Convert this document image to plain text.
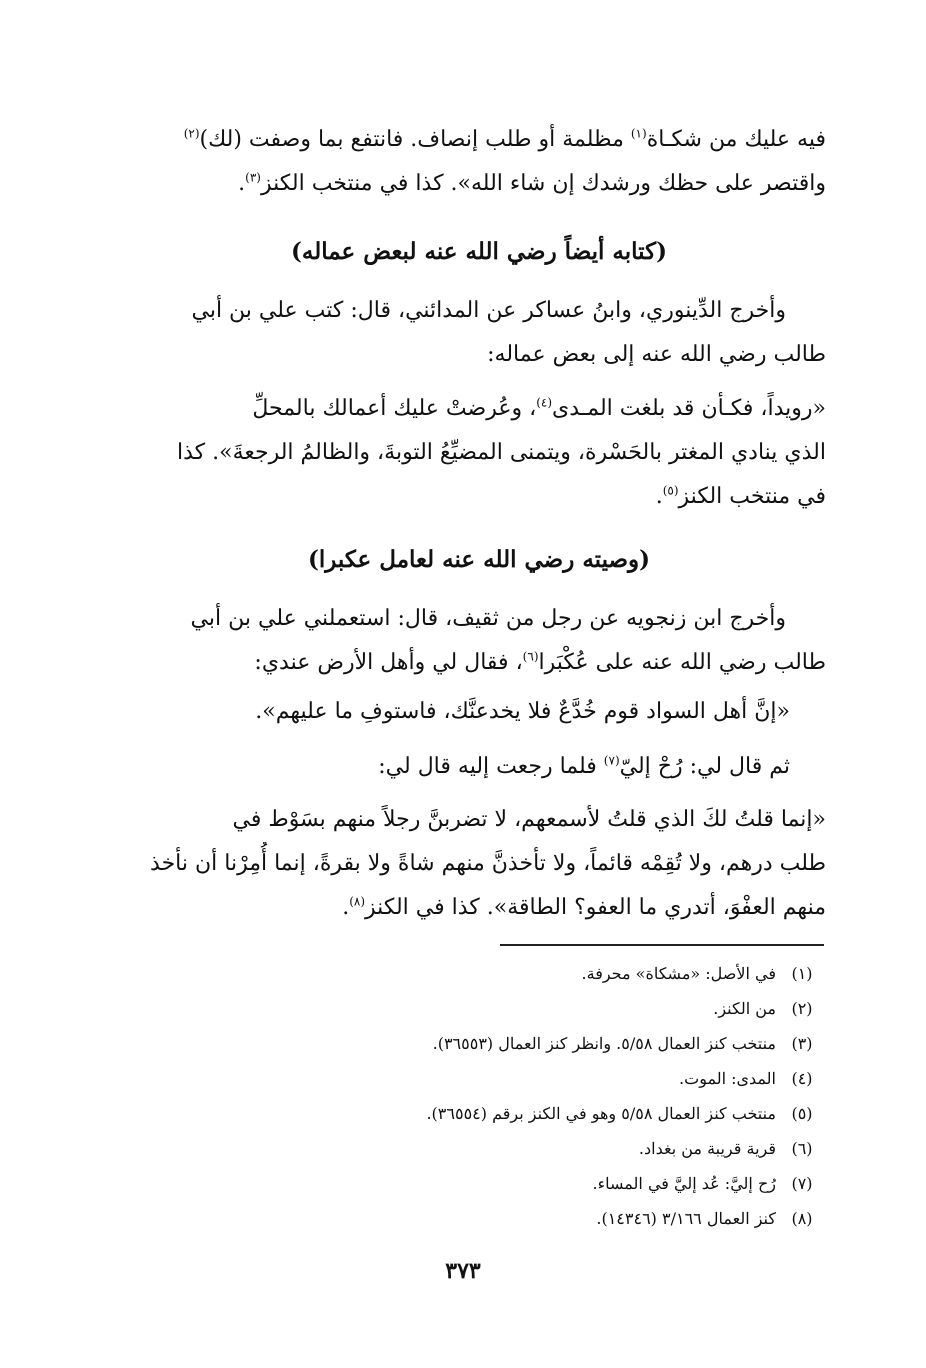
فيه عليك من شكـاة$^{(١)}$ مظلمة أو طلب إنصاف. فانتفع بما وصفت (لك)$^{(٢)}$
واقتصر على حظك ورشدك إن شاء الله». كذا في منتخب الكنز$^{(٣)}$.
(كتابه أيضاً رضي الله عنه لبعض عماله)
وأخرج الدِّينوري، وابنُ عساكر عن المدائني، قال: كتب علي بن أبي
طالب رضي الله عنه إلى بعض عماله:
«رويداً، فكـأن قد بلغت المـدى$^{(٤)}$، وعُرضتْ عليك أعمالك بالمحلِّ
الذي ينادي المغتر بالحَسْرة، ويتمنى المضيِّعُ التوبةَ، والظالمُ الرجعةَ». كذا
في منتخب الكنز$^{(٥)}$.
(وصيته رضي الله عنه لعامل عكبرا)
وأخرج ابن زنجويه عن رجل من ثقيف، قال: استعملني علي بن أبي
طالب رضي الله عنه على عُكْبَرا$^{(٦)}$، فقال لي وأهل الأرض عندي:
«إنَّ أهل السواد قوم خُدَّعٌ فلا يخدعنَّك، فاستوفِ ما عليهم».
ثم قال لي: رُحْ إليّ$^{(٧)}$ فلما رجعت إليه قال لي:
«إنما قلتُ لكَ الذي قلتُ لأسمعهم، لا تضربنَّ رجلاً منهم بسَوْط في
طلب درهم، ولا تُقِمْه قائماً، ولا تأخذنَّ منهم شاةً ولا بقرةً، إنما أُمِرْنا أن نأخذ
منهم العفْوَ، أتدري ما العفو؟ الطاقة». كذا في الكنز$^{(٨)}$.
(١)
في الأصل: «مشكاة» محرفة.
(٢)
من الكنز.
(٣)
منتخب كنز العمال ٥/٥٨. وانظر كنز العمال (٣٦٥٥٣).
(٤)
المدى: الموت.
(٥)
منتخب كنز العمال ٥/٥٨ وهو في الكنز برقم (٣٦٥٥٤).
(٦)
قرية قريبة من بغداد.
(٧)
رُح إليَّ: عُد إليَّ في المساء.
(٨)
كنز العمال ٣/١٦٦ (١٤٣٤٦).
٣٧٣
